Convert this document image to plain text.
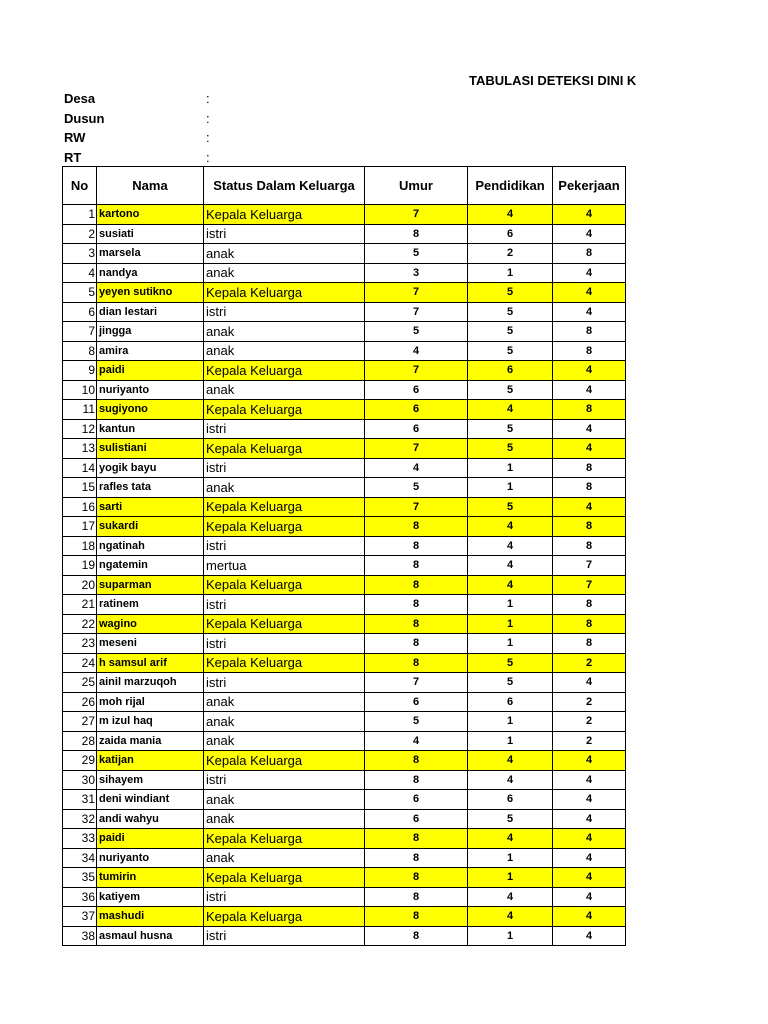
TABULASI DETEKSI DINI K
Desa	:
Dusun	:
RW	:
RT	:
No	Nama	Status Dalam Keluarga	Umur	Pendidikan	Pekerjaan
1	kartono	Kepala Keluarga	7	4	4
2	susiati	istri	8	6	4
3	marsela	anak	5	2	8
4	nandya	anak	3	1	4
5	yeyen sutikno	Kepala Keluarga	7	5	4
6	dian lestari	istri	7	5	4
7	jingga	anak	5	5	8
8	amira	anak	4	5	8
9	paidi	Kepala Keluarga	7	6	4
10	nuriyanto	anak	6	5	4
11	sugiyono	Kepala Keluarga	6	4	8
12	kantun	istri	6	5	4
13	sulistiani	Kepala Keluarga	7	5	4
14	yogik bayu	istri	4	1	8
15	rafles tata	anak	5	1	8
16	sarti	Kepala Keluarga	7	5	4
17	sukardi	Kepala Keluarga	8	4	8
18	ngatinah	istri	8	4	8
19	ngatemin	mertua	8	4	7
20	suparman	Kepala Keluarga	8	4	7
21	ratinem	istri	8	1	8
22	wagino	Kepala Keluarga	8	1	8
23	meseni	istri	8	1	8
24	h samsul arif	Kepala Keluarga	8	5	2
25	ainil marzuqoh	istri	7	5	4
26	moh rijal	anak	6	6	2
27	m izul haq	anak	5	1	2
28	zaida mania	anak	4	1	2
29	katijan	Kepala Keluarga	8	4	4
30	sihayem	istri	8	4	4
31	deni windiant	anak	6	6	4
32	andi wahyu	anak	6	5	4
33	paidi	Kepala Keluarga	8	4	4
34	nuriyanto	anak	8	1	4
35	tumirin	Kepala Keluarga	8	1	4
36	katiyem	istri	8	4	4
37	mashudi	Kepala Keluarga	8	4	4
38	asmaul husna	istri	8	1	4
